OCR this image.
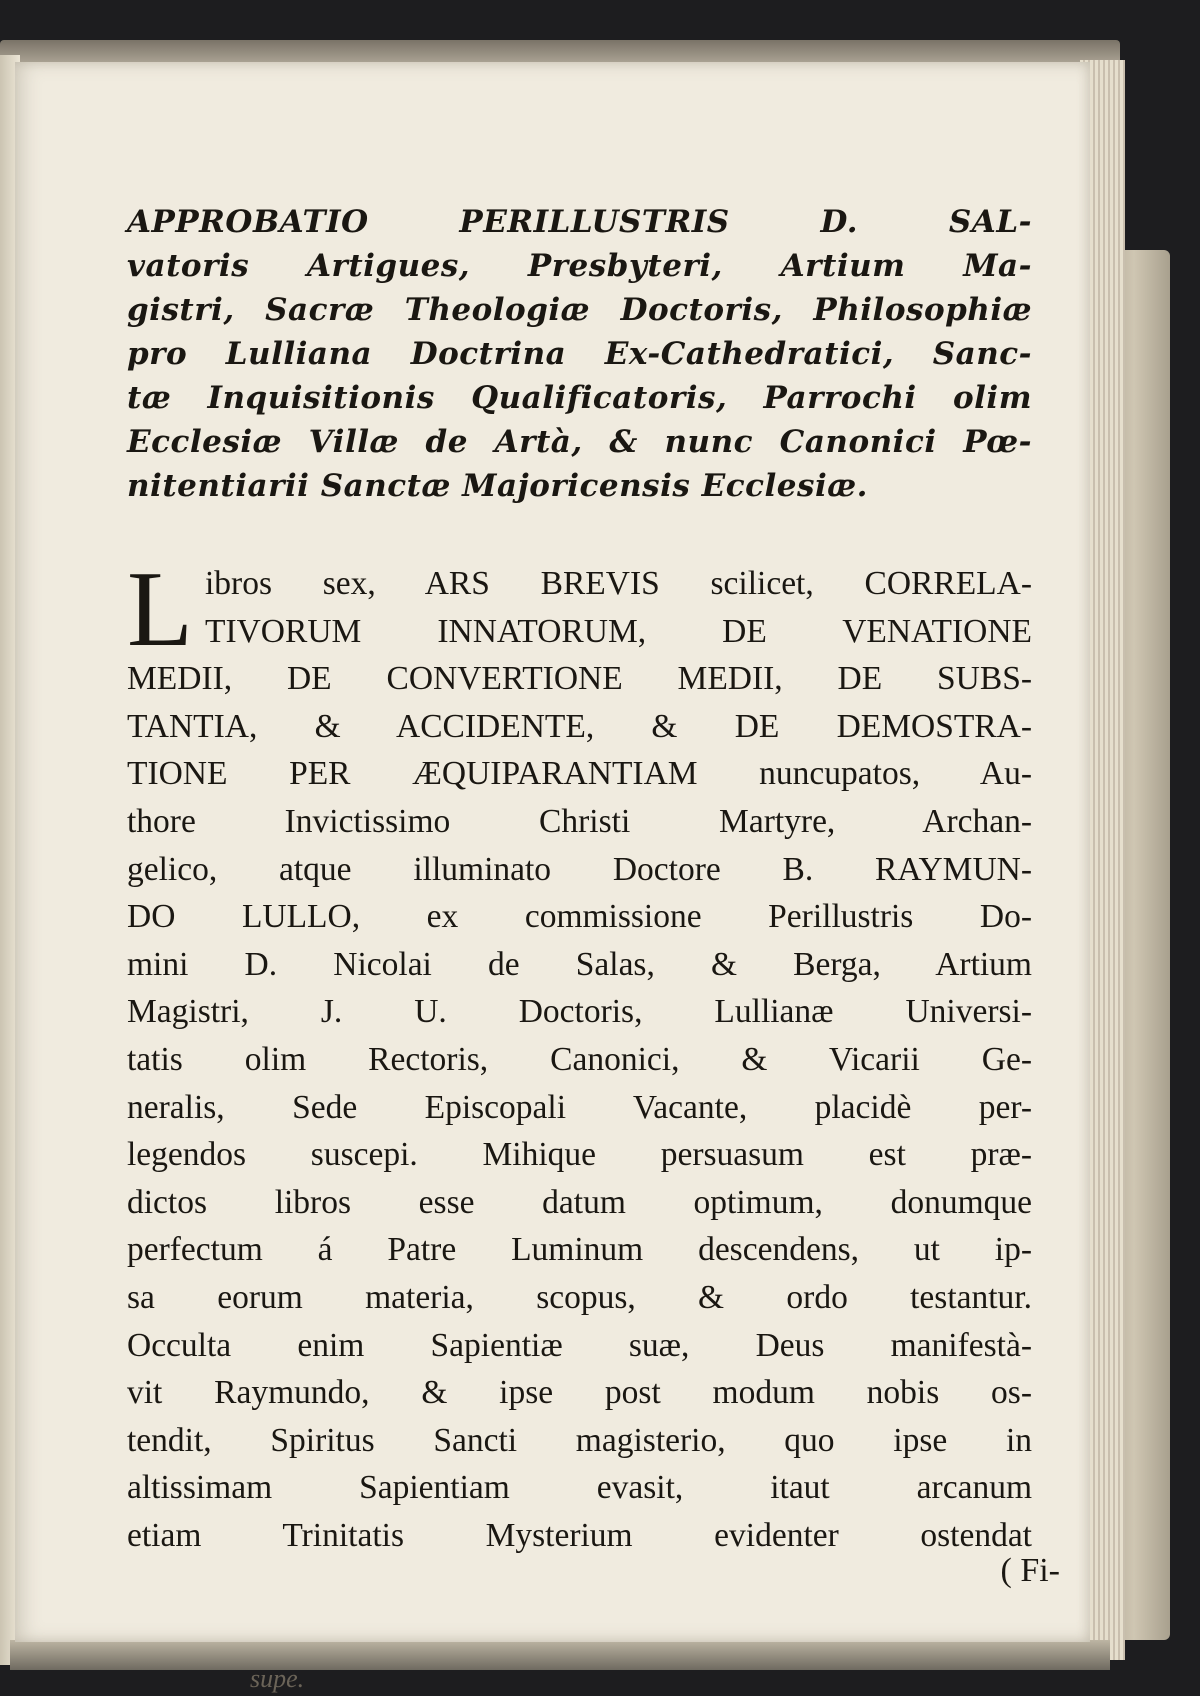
APPROBATIO PERILLUSTRIS D. SAL-
vatoris Artigues, Presbyteri, Artium Ma-
gistri, Sacræ Theologiæ Doctoris, Philosophiæ
pro Lulliana Doctrina Ex-Cathedratici, Sanc-
tæ Inquisitionis Qualificatoris, Parrochi olim
Ecclesiæ Villæ de Artà, & nunc Canonici Pœ-
nitentiarii Sanctæ Majoricensis Ecclesiæ.
L ibros sex, ARS BREVIS scilicet, CORRELA-
TIVORUM INNATORUM, DE VENATIONE
MEDII, DE CONVERTIONE MEDII, DE SUBS-
TANTIA, & ACCIDENTE, & DE DEMOSTRA-
TIONE PER ÆQUIPARANTIAM nuncupatos, Au-
thore Invictissimo Christi Martyre, Archan-
gelico, atque illuminato Doctore B. RAYMUN-
DO LULLO, ex commissione Perillustris Do-
mini D. Nicolai de Salas, & Berga, Artium
Magistri, J. U. Doctoris, Lullianæ Universi-
tatis olim Rectoris, Canonici, & Vicarii Ge-
neralis, Sede Episcopali Vacante, placidè per-
legendos suscepi. Mihique persuasum est præ-
dictos libros esse datum optimum, donumque
perfectum á Patre Luminum descendens, ut ip-
sa eorum materia, scopus, & ordo testantur.
Occulta enim Sapientiæ suæ, Deus manifestà-
vit Raymundo, & ipse post modum nobis os-
tendit, Spiritus Sancti magisterio, quo ipse in
altissimam Sapientiam evasit, itaut arcanum
etiam Trinitatis Mysterium evidenter ostendat
( Fi-
supe.
